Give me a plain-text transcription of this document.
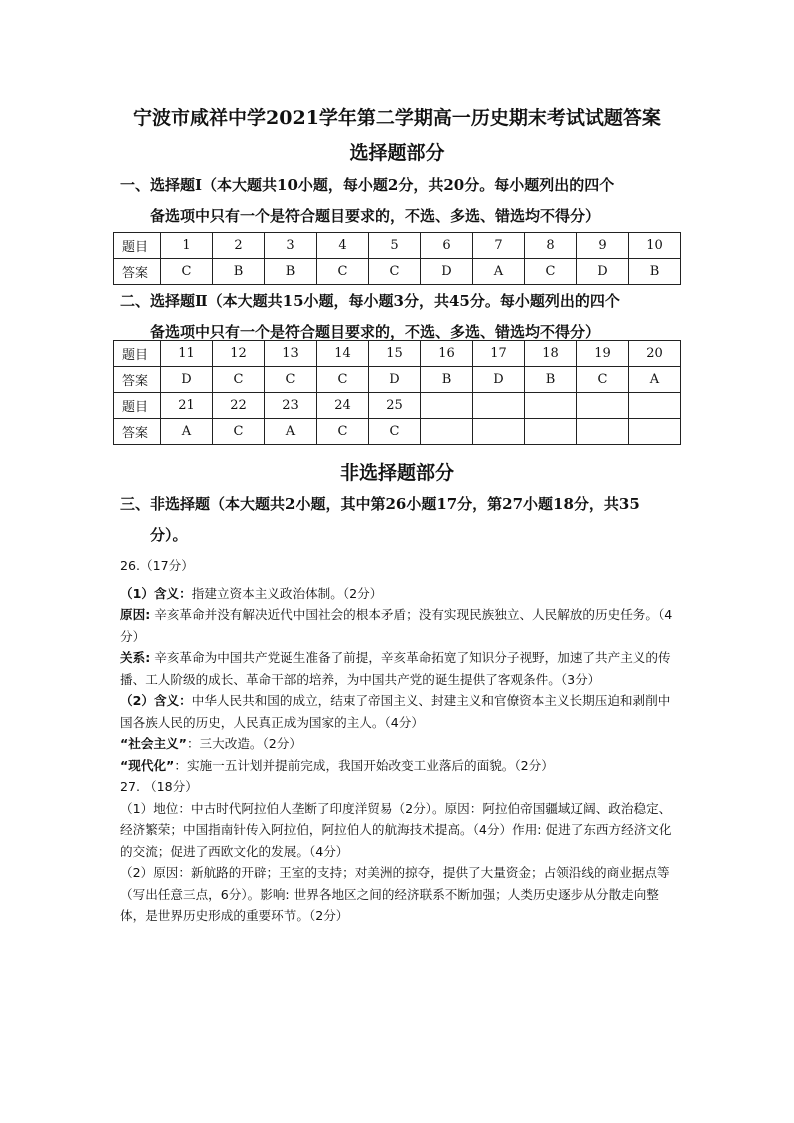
宁波市咸祥中学2021学年第二学期高一历史期末考试试题答案
选择题部分
一、选择题Ⅰ（本大题共10小题，每小题2分，共20分。每小题列出的四个
备选项中只有一个是符合题目要求的，不选、多选、错选均不得分）
题目	1	2	3	4	5	6	7	8	9	10
答案	C	B	B	C	C	D	A	C	D	B
二、选择题Ⅱ（本大题共15小题，每小题3分，共45分。每小题列出的四个
备选项中只有一个是符合题目要求的，不选、多选、错选均不得分）
题目	11	12	13	14	15	16	17	18	19	20
答案	D	C	C	C	D	B	D	B	C	A
题目	21	22	23	24	25					
答案	A	C	A	C	C					
非选择题部分
三、非选择题（本大题共2小题，其中第26小题17分，第27小题18分，共35
分）。

26.（17分）

（1）含义：指建立资本主义政治体制。（2分）

原因: 辛亥革命并没有解决近代中国社会的根本矛盾；没有实现民族独立、人民解放的历史任务。（4分）

关系: 辛亥革命为中国共产党诞生准备了前提，辛亥革命拓宽了知识分子视野，加速了共产主义的传播、工人阶级的成长、革命干部的培养，为中国共产党的诞生提供了客观条件。（3分）

（2）含义：中华人民共和国的成立，结束了帝国主义、封建主义和官僚资本主义长期压迫和剥削中国各族人民的历史，人民真正成为国家的主人。（4分）

“社会主义”：三大改造。（2分）

“现代化”：实施一五计划并提前完成，我国开始改变工业落后的面貌。（2分）

27. （18分）

（1）地位：中古时代阿拉伯人垄断了印度洋贸易（2分）。原因：阿拉伯帝国疆域辽阔、政治稳定、经济繁荣；中国指南针传入阿拉伯，阿拉伯人的航海技术提高。（4分）作用: 促进了东西方经济文化的交流；促进了西欧文化的发展。（4分）

（2）原因：新航路的开辟；王室的支持；对美洲的掠夺，提供了大量资金；占领沿线的商业据点等（写出任意三点，6分）。影响: 世界各地区之间的经济联系不断加强；人类历史逐步从分散走向整体，是世界历史形成的重要环节。（2分）
